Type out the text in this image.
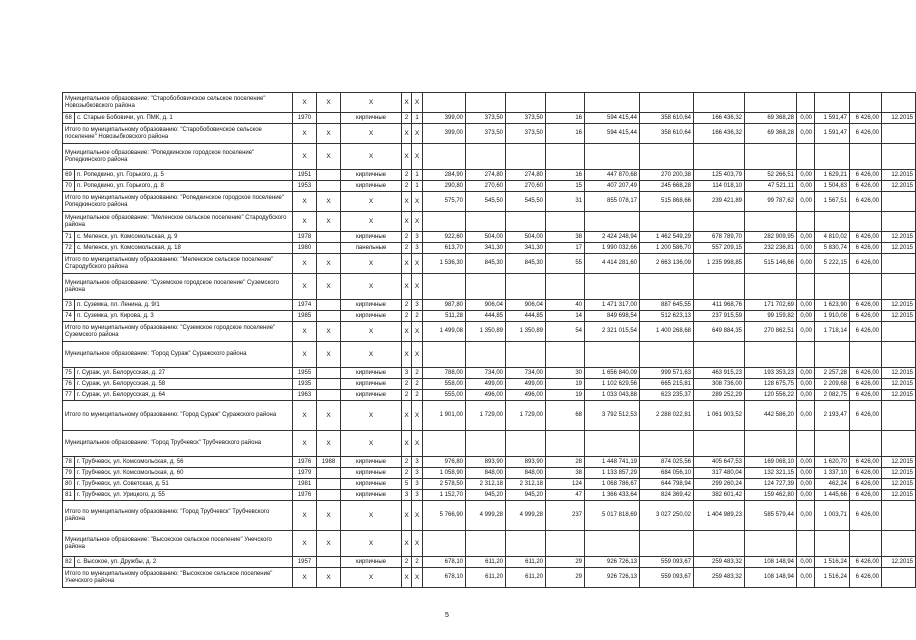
Муниципальное образование: "Старобобовичское сельское поселение" Новозыбковского района		X	X	X	X	X												
68	с. Старые Бобовичи, ул. ПМК, д. 1	1970		кирпичные	2	1	399,00	373,50	373,50	16	594 415,44	358 610,64	166 436,32	69 368,28	0,00	1 591,47	6 426,00	12.2015
Итого по муниципальному образованию: "Старобобовичское сельское поселение" Новозыбковского района		X	X	X	X	X	399,00	373,50	373,50	16	594 415,44	358 610,64	166 436,32	69 368,28	0,00	1 591,47	6 426,00	
Муниципальное образование: "Ропедкинское городское поселение" Ропедкинского района		X	X	X	X	X												
69	п. Ропедкино, ул. Горького, д. 5	1951		кирпичные	2	1	284,90	274,80	274,80	16	447 870,68	270 200,38	125 403,79	52 266,51	0,00	1 629,21	6 426,00	12.2015
70	п. Ропедкино, ул. Горького, д. 8	1953		кирпичные	2	1	290,80	270,60	270,60	15	407 207,49	245 668,28	114 018,10	47 521,11	0,00	1 504,83	6 426,00	12.2015
Итого по муниципальному образованию: "Ропедкинское городское поселение" Ропедкинского района		X	X	X	X	X	575,70	545,50	545,50	31	855 078,17	515 868,66	239 421,89	99 787,62	0,00	1 567,51	6 426,00	
Муниципальное образование: "Меленское сельское поселение" Стародубского района		X	X	X	X	X												
71	с. Меленск, ул. Комсомольская, д. 9	1978		кирпичные	2	3	922,60	504,00	504,00	38	2 424 248,94	1 462 549,29	678 789,70	282 909,95	0,00	4 810,02	6 426,00	12.2015
72	с. Меленск, ул. Комсомольская, д. 18	1980		панельные	2	3	613,70	341,30	341,30	17	1 990 032,66	1 200 586,70	557 209,15	232 236,81	0,00	5 830,74	6 426,00	12.2015
Итого по муниципальному образованию: "Меленское сельское поселение" Стародубского района		X	X	X	X	X	1 536,30	845,30	845,30	55	4 414 281,60	2 663 136,09	1 235 998,85	515 146,66	0,00	5 222,15	6 426,00	
Муниципальное образование: "Суземское городское поселение" Суземского района		X	X	X	X	X												
73	п. Суземка, пл. Ленина, д. 9/1	1974		кирпичные	2	3	987,80	906,04	906,04	40	1 471 317,00	887 645,55	411 968,76	171 702,69	0,00	1 623,90	6 426,00	12.2015
74	п. Суземка, ул. Кирова, д. 3	1985		кирпичные	2	2	511,28	444,85	444,85	14	849 698,54	512 623,13	237 915,59	99 159,82	0,00	1 910,08	6 426,00	12.2015
Итого по муниципальному образованию: "Суземское городское поселение" Суземского района		X	X	X	X	X	1 499,08	1 350,89	1 350,89	54	2 321 015,54	1 400 268,68	649 884,35	270 862,51	0,00	1 718,14	6 426,00	
Муниципальное образование: "Город Сураж" Суражского района		X	X	X	X	X												
75	г. Сураж, ул. Белорусская, д. 27	1955		кирпичные	3	2	788,00	734,00	734,00	30	1 656 840,09	999 571,63	463 915,23	193 353,23	0,00	2 257,28	6 426,00	12.2015
76	г. Сураж, ул. Белорусская, д. 58	1935		кирпичные	2	2	558,00	499,00	499,00	19	1 102 629,56	665 215,81	308 736,00	128 675,75	0,00	2 209,68	6 426,00	12.2015
77	г. Сураж, ул. Белорусская, д. 64	1963		кирпичные	2	2	555,00	496,00	496,00	19	1 033 043,88	623 235,37	289 252,29	120 556,22	0,00	2 082,75	6 426,00	12.2015
Итого по муниципальному образованию: "Город Сураж" Суражского района		X	X	X	X	X	1 901,00	1 729,00	1 729,00	68	3 792 512,53	2 288 022,81	1 061 903,52	442 586,20	0,00	2 193,47	6 426,00	
Муниципальное образование: "Город Трубчевск" Трубчевского района		X	X	X	X	X												
78	г. Трубчевск, ул. Комсомольская, д. 56	1976	1988	кирпичные	2	3	976,80	893,90	893,90	28	1 448 741,19	874 025,56	405 647,53	169 068,10	0,00	1 620,70	6 426,00	12.2015
79	г. Трубчевск, ул. Комсомольская, д. 60	1979		кирпичные	2	3	1 058,90	848,00	848,00	38	1 133 857,29	684 056,10	317 480,04	132 321,15	0,00	1 337,10	6 426,00	12.2015
80	г. Трубчевск, ул. Советская, д. 51	1981		кирпичные	5	3	2 578,50	2 312,18	2 312,18	124	1 068 786,67	644 798,94	299 260,24	124 727,39	0,00	462,24	6 426,00	12.2015
81	г. Трубчевск, ул. Урицкого, д. 55	1976		кирпичные	3	3	1 152,70	945,20	945,20	47	1 366 433,64	824 369,42	382 601,42	159 462,80	0,00	1 445,66	6 426,00	12.2015
Итого по муниципальному образованию: "Город Трубчевск" Трубчевского района		X	X	X	X	X	5 766,90	4 999,28	4 999,28	237	5 017 818,69	3 027 250,02	1 404 989,23	585 579,44	0,00	1 003,71	6 426,00	
Муниципальное образование: "Высокское сельское поселение" Унечского района		X	X	X	X	X												
82	с. Высокое, ул. Дружбы, д. 2	1957		кирпичные	2	2	678,10	611,20	611,20	29	926 726,13	559 093,67	259 483,32	108 148,94	0,00	1 516,24	6 426,00	12.2015
Итого по муниципальному образованию: "Высокское сельское поселение" Унечского района		X	X	X	X	X	678,10	611,20	611,20	29	926 726,13	559 093,67	259 483,32	108 148,94	0,00	1 516,24	6 426,00	
5
